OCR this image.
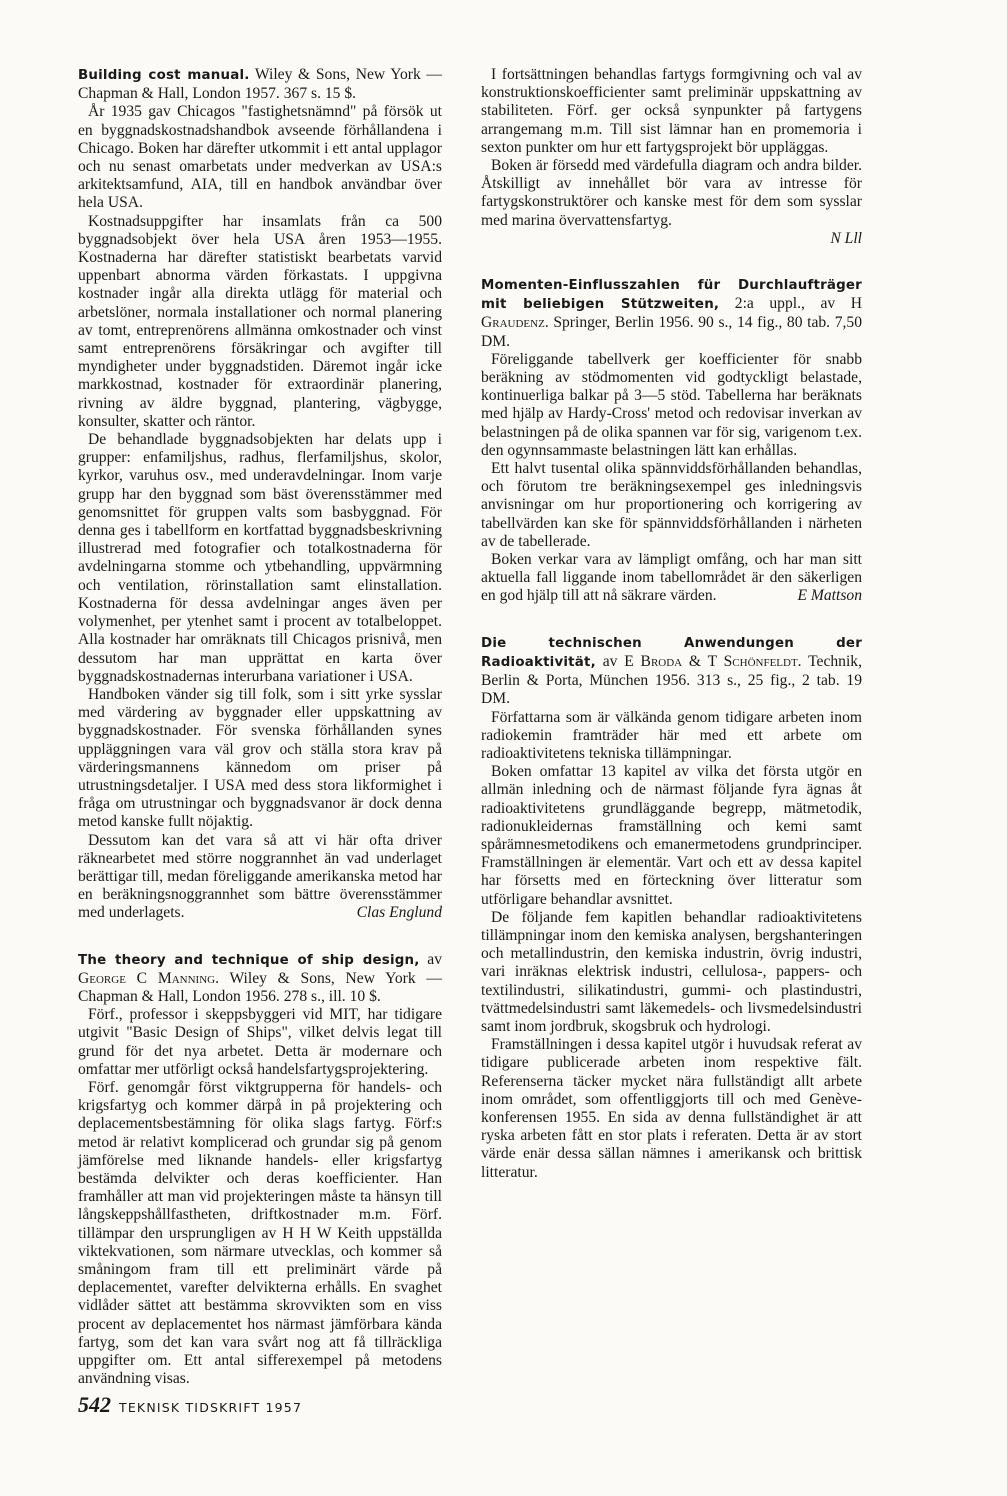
Building cost manual. Wiley & Sons, New York —Chapman & Hall, London 1957. 367 s. 15 $.

År 1935 gav Chicagos "fastighetsnämnd" på försök ut en byggnadskostnadshandbok avseende förhållandena i Chicago. Boken har därefter utkommit i ett antal upplagor och nu senast omarbetats under medverkan av USA:s arkitektsamfund, AIA, till en handbok användbar över hela USA.

Kostnadsuppgifter har insamlats från ca 500 byggnadsobjekt över hela USA åren 1953—1955. Kostnaderna har därefter statistiskt bearbetats varvid uppenbart abnorma värden förkastats. I uppgivna kostnader ingår alla direkta utlägg för material och arbetslöner, normala installationer och normal planering av tomt, entreprenörens allmänna omkostnader och vinst samt entreprenörens försäkringar och avgifter till myndigheter under byggnadstiden. Däremot ingår icke markkostnad, kostnader för extraordinär planering, rivning av äldre byggnad, plantering, vägbygge, konsulter, skatter och räntor.

De behandlade byggnadsobjekten har delats upp i grupper: enfamiljshus, radhus, flerfamiljshus, skolor, kyrkor, varuhus osv., med underavdelningar. Inom varje grupp har den byggnad som bäst överensstämmer med genomsnittet för gruppen valts som basbyggnad. För denna ges i tabellform en kortfattad byggnadsbeskrivning illustrerad med fotografier och totalkostnaderna för avdelningarna stomme och ytbehandling, uppvärmning och ventilation, rörinstallation samt elinstallation. Kostnaderna för dessa avdelningar anges även per volymenhet, per ytenhet samt i procent av totalbeloppet. Alla kostnader har omräknats till Chicagos prisnivå, men dessutom har man upprättat en karta över byggnadskostnadernas interurbana variationer i USA.

Handboken vänder sig till folk, som i sitt yrke sysslar med värdering av byggnader eller uppskattning av byggnadskostnader. För svenska förhållanden synes uppläggningen vara väl grov och ställa stora krav på värderingsmannens kännedom om priser på utrustningsdetaljer. I USA med dess stora likformighet i fråga om utrustningar och byggnadsvanor är dock denna metod kanske fullt nöjaktig.

Dessutom kan det vara så att vi här ofta driver räknearbetet med större noggrannhet än vad underlaget berättigar till, medan föreliggande amerikanska metod har en beräkningsnoggrannhet som bättre överensstämmer med underlagets.	Clas Englund

The theory and technique of ship design, av George C Manning. Wiley & Sons, New York — Chapman & Hall, London 1956. 278 s., ill. 10 $.

Förf., professor i skeppsbyggeri vid MIT, har tidigare utgivit "Basic Design of Ships", vilket delvis legat till grund för det nya arbetet. Detta är modernare och omfattar mer utförligt också handelsfartygsprojektering.

Förf. genomgår först viktgrupperna för handels- och krigsfartyg och kommer därpå in på projektering och deplacementsbestämning för olika slags fartyg. Förf:s metod är relativt komplicerad och grundar sig på genom jämförelse med liknande handels- eller krigsfartyg bestämda delvikter och deras koefficienter. Han framhåller att man vid projekteringen måste ta hänsyn till långskeppshållfastheten, driftkostnader m.m. Förf. tillämpar den ursprungligen av H H W Keith uppställda viktekvationen, som närmare utvecklas, och kommer så småningom fram till ett preliminärt värde på deplacementet, varefter delvikterna erhålls. En svaghet vidlåder sättet att bestämma skrovvikten som en viss procent av deplacementet hos närmast jämförbara kända fartyg, som det kan vara svårt nog att få tillräckliga uppgifter om. Ett antal sifferexempel på metodens användning visas.

I fortsättningen behandlas fartygs formgivning och val av konstruktionskoefficienter samt preliminär uppskattning av stabiliteten. Förf. ger också synpunkter på fartygens arrangemang m.m. Till sist lämnar han en promemoria i sexton punkter om hur ett fartygsprojekt bör uppläggas.

Boken är försedd med värdefulla diagram och andra bilder. Åtskilligt av innehållet bör vara av intresse för fartygskonstruktörer och kanske mest för dem som sysslar med marina övervattensfartyg.

N Lll
Momenten-Einflusszahlen für Durchlaufträger mit beliebigen Stützweiten, 2:a uppl., av H Graudenz. Springer, Berlin 1956. 90 s., 14 fig., 80 tab. 7,50 DM.

Föreliggande tabellverk ger koefficienter för snabb beräkning av stödmomenten vid godtyckligt belastade, kontinuerliga balkar på 3—5 stöd. Tabellerna har beräknats med hjälp av Hardy-Cross' metod och redovisar inverkan av belastningen på de olika spannen var för sig, varigenom t.ex. den ogynnsammaste belastningen lätt kan erhållas.

Ett halvt tusental olika spännviddsförhållanden behandlas, och förutom tre beräkningsexempel ges inledningsvis anvisningar om hur proportionering och korrigering av tabellvärden kan ske för spännviddsförhållanden i närheten av de tabellerade.

Boken verkar vara av lämpligt omfång, och har man sitt aktuella fall liggande inom tabellområdet är den säkerligen en god hjälp till att nå säkrare värden.	E Mattson

Die technischen Anwendungen der Radioaktivität, av E Broda & T Schönfeldt. Technik, Berlin & Porta, München 1956. 313 s., 25 fig., 2 tab. 19 DM.

Författarna som är välkända genom tidigare arbeten inom radiokemin framträder här med ett arbete om radioaktivitetens tekniska tillämpningar.

Boken omfattar 13 kapitel av vilka det första utgör en allmän inledning och de närmast följande fyra ägnas åt radioaktivitetens grundläggande begrepp, mätmetodik, radionukleidernas framställning och kemi samt spårämnesmetodikens och emanermetodens grundprinciper. Framställningen är elementär. Vart och ett av dessa kapitel har försetts med en förteckning över litteratur som utförligare behandlar avsnittet.

De följande fem kapitlen behandlar radioaktivitetens tillämpningar inom den kemiska analysen, bergshanteringen och metallindustrin, den kemiska industrin, övrig industri, vari inräknas elektrisk industri, cellulosa-, pappers- och textilindustri, silikatindustri, gummi- och plastindustri, tvättmedelsindustri samt läkemedels- och livsmedelsindustri samt inom jordbruk, skogsbruk och hydrologi.

Framställningen i dessa kapitel utgör i huvudsak referat av tidigare publicerade arbeten inom respektive fält. Referenserna täcker mycket nära fullständigt allt arbete inom området, som offentliggjorts till och med Genève-konferensen 1955. En sida av denna fullständighet är att ryska arbeten fått en stor plats i referaten. Detta är av stort värde enär dessa sällan nämnes i amerikansk och brittisk litteratur.

542 TEKNISK TIDSKRIFT 1957
